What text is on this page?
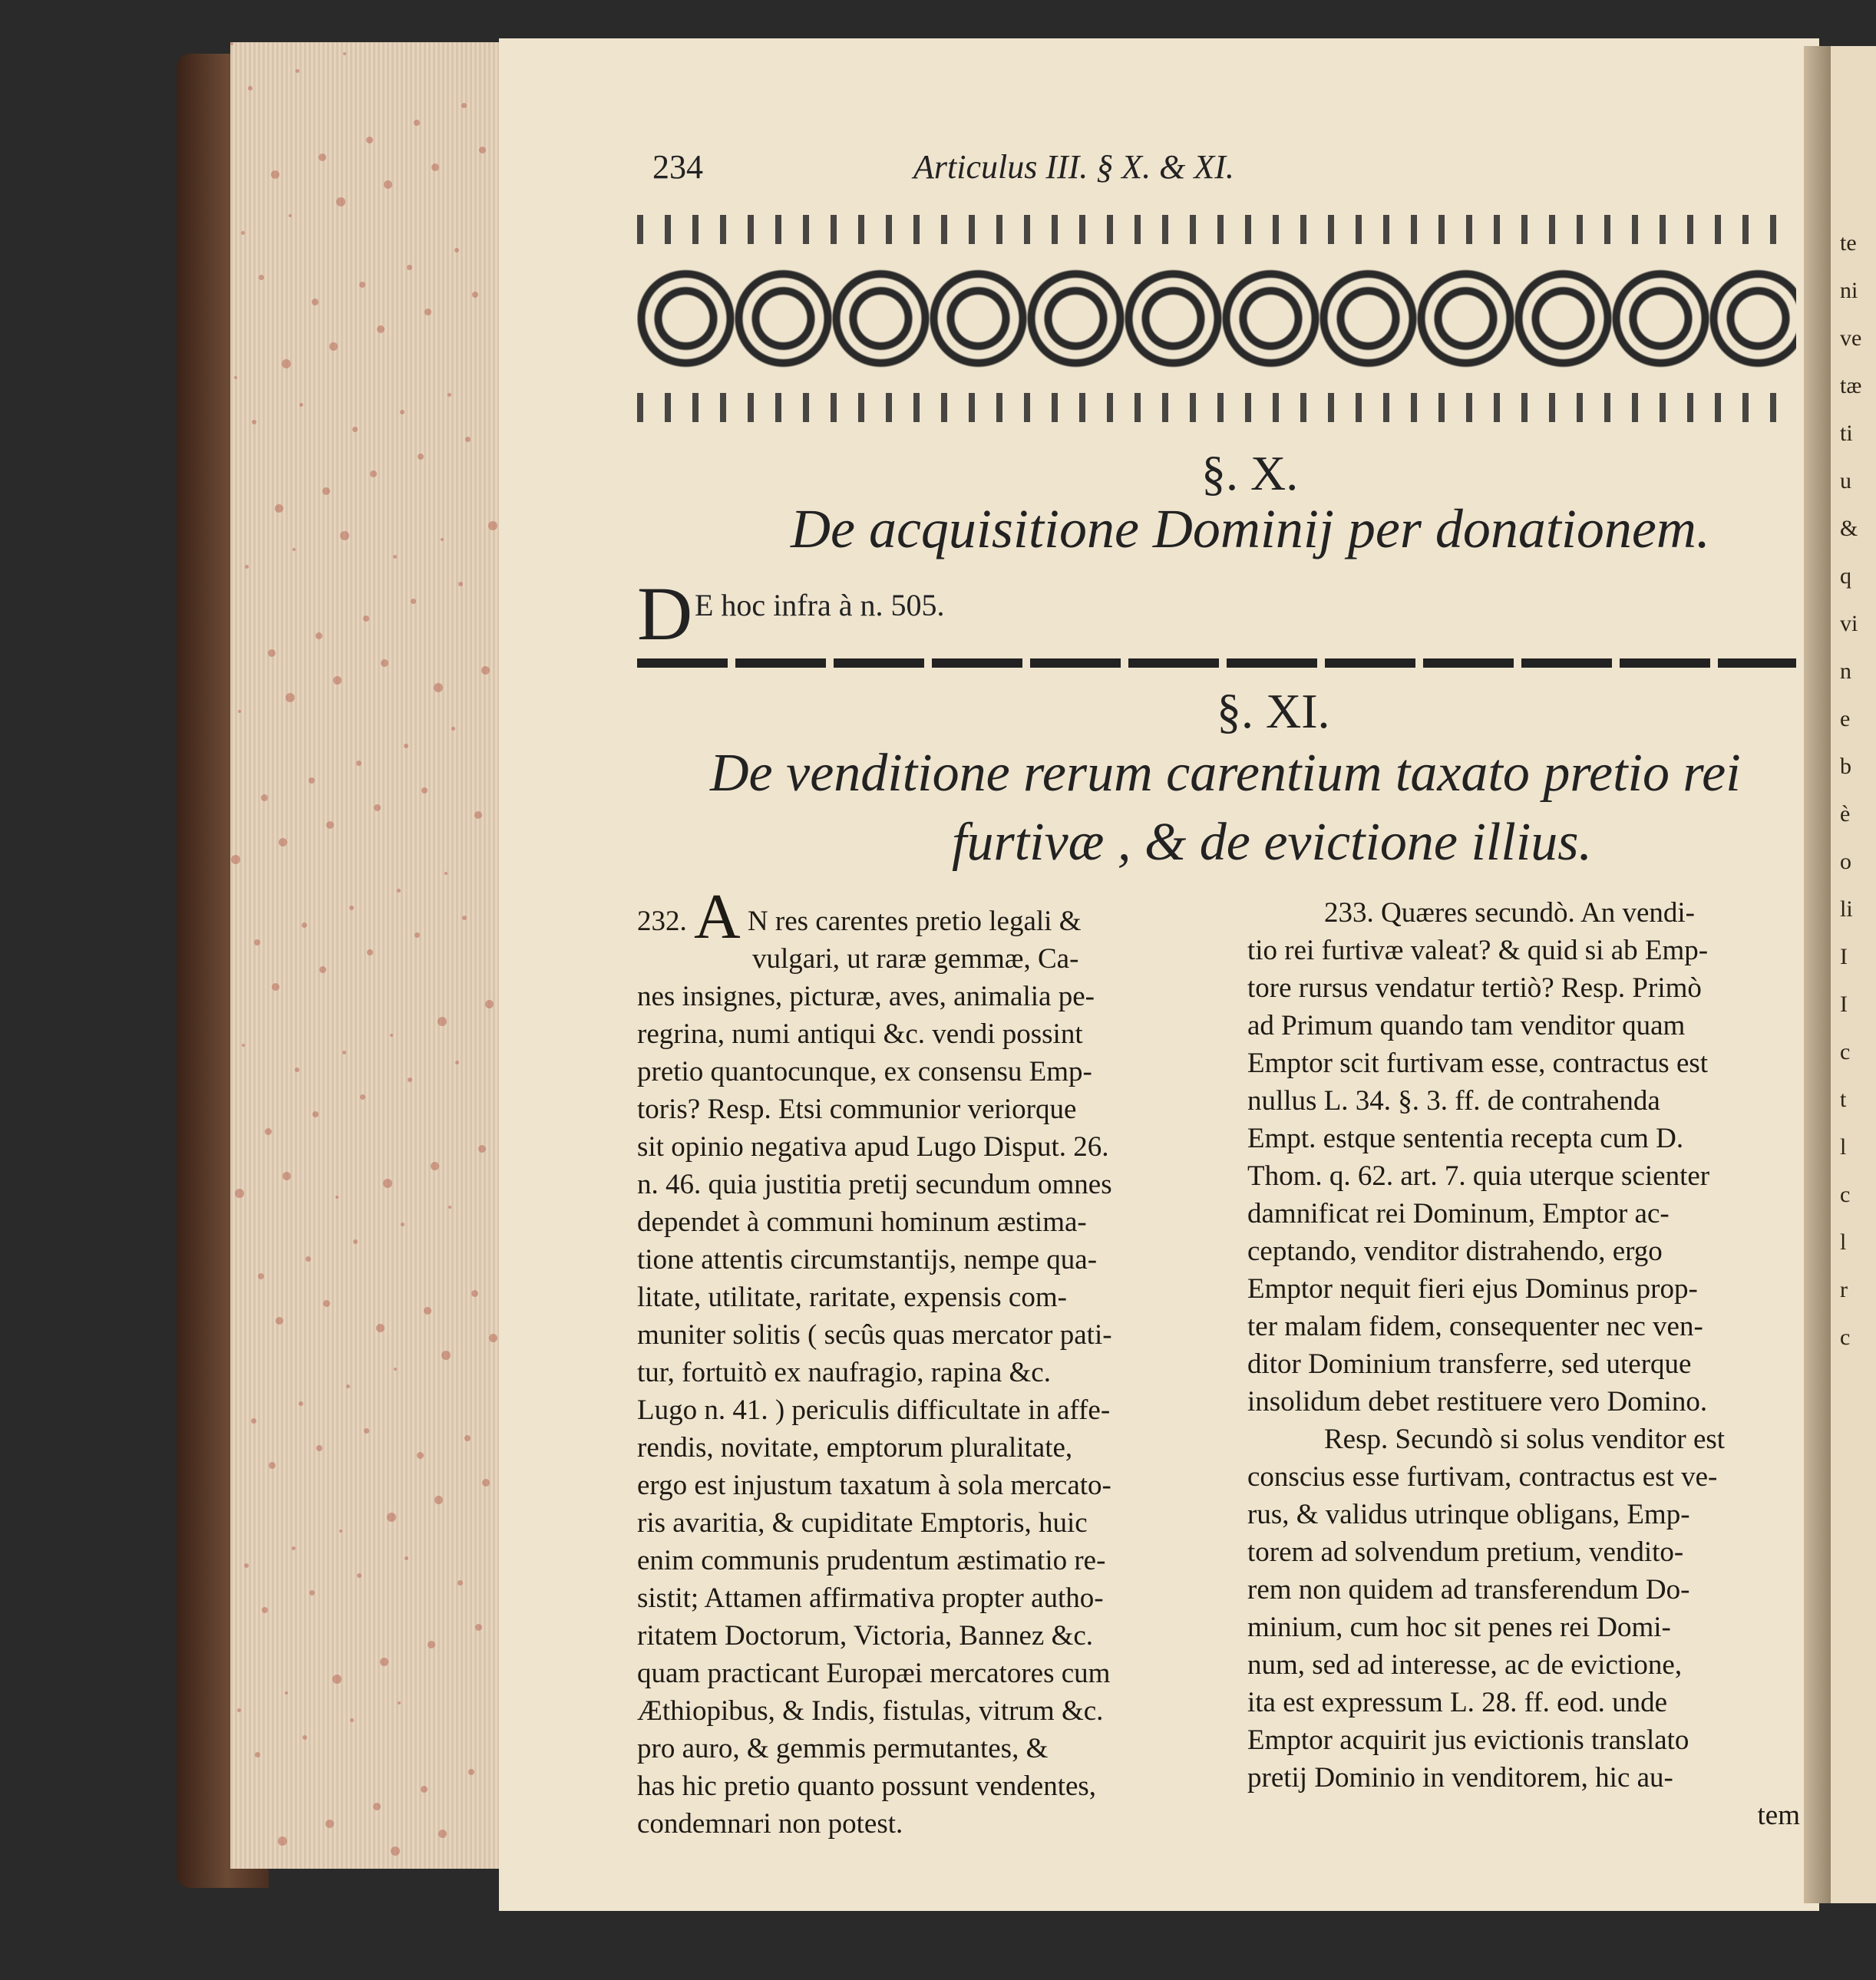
234	Articulus III. § X. & XI.
§. X.
De acquisitione Dominij per donationem.
D E hoc infra à n. 505.
§. XI.
De venditione rerum carentium taxato pretio rei
furtivæ , & de evictione illius.

232. A N res carentes pretio legali &

vulgari, ut raræ gemmæ, Ca-

nes insignes, picturæ, aves, animalia pe-

regrina, numi antiqui &c. vendi possint

pretio quantocunque, ex consensu Emp-

toris? Resp. Etsi communior veriorque

sit opinio negativa apud Lugo Disput. 26.

n. 46. quia justitia pretij secundum omnes

dependet à communi hominum æstima-

tione attentis circumstantijs, nempe qua-

litate, utilitate, raritate, expensis com-

muniter solitis ( secûs quas mercator pati-

tur, fortuitò ex naufragio, rapina &c.

Lugo n. 41. ) periculis difficultate in affe-

rendis, novitate, emptorum pluralitate,

ergo est injustum taxatum à sola mercato-

ris avaritia, & cupiditate Emptoris, huic

enim communis prudentum æstimatio re-

sistit; Attamen affirmativa propter autho-

ritatem Doctorum, Victoria, Bannez &c.

quam practicant Europæi mercatores cum

Æthiopibus, & Indis, fistulas, vitrum &c.

pro auro, & gemmis permutantes, &

has hic pretio quanto possunt vendentes,

condemnari non potest.

233. Quæres secundò. An vendi-

tio rei furtivæ valeat? & quid si ab Emp-

tore rursus vendatur tertiò? Resp. Primò

ad Primum quando tam venditor quam

Emptor scit furtivam esse, contractus est

nullus L. 34. §. 3. ff. de contrahenda

Empt. estque sententia recepta cum D.

Thom. q. 62. art. 7. quia uterque scienter

damnificat rei Dominum, Emptor ac-

ceptando, venditor distrahendo, ergo

Emptor nequit fieri ejus Dominus prop-

ter malam fidem, consequenter nec ven-

ditor Dominium transferre, sed uterque

insolidum debet restituere vero Domino.

Resp. Secundò si solus venditor est

conscius esse furtivam, contractus est ve-

rus, & validus utrinque obligans, Emp-

torem ad solvendum pretium, vendito-

rem non quidem ad transferendum Do-

minium, cum hoc sit penes rei Domi-

num, sed ad interesse, ac de evictione,

ita est expressum L. 28. ff. eod. unde

Emptor acquirit jus evictionis translato

pretij Dominio in venditorem, hic au-

tem

te
ni
ve
tæ
ti
u
&
q
vi
n
e
b
è
o
li
I
I
c
t
l
c
l
r
c
